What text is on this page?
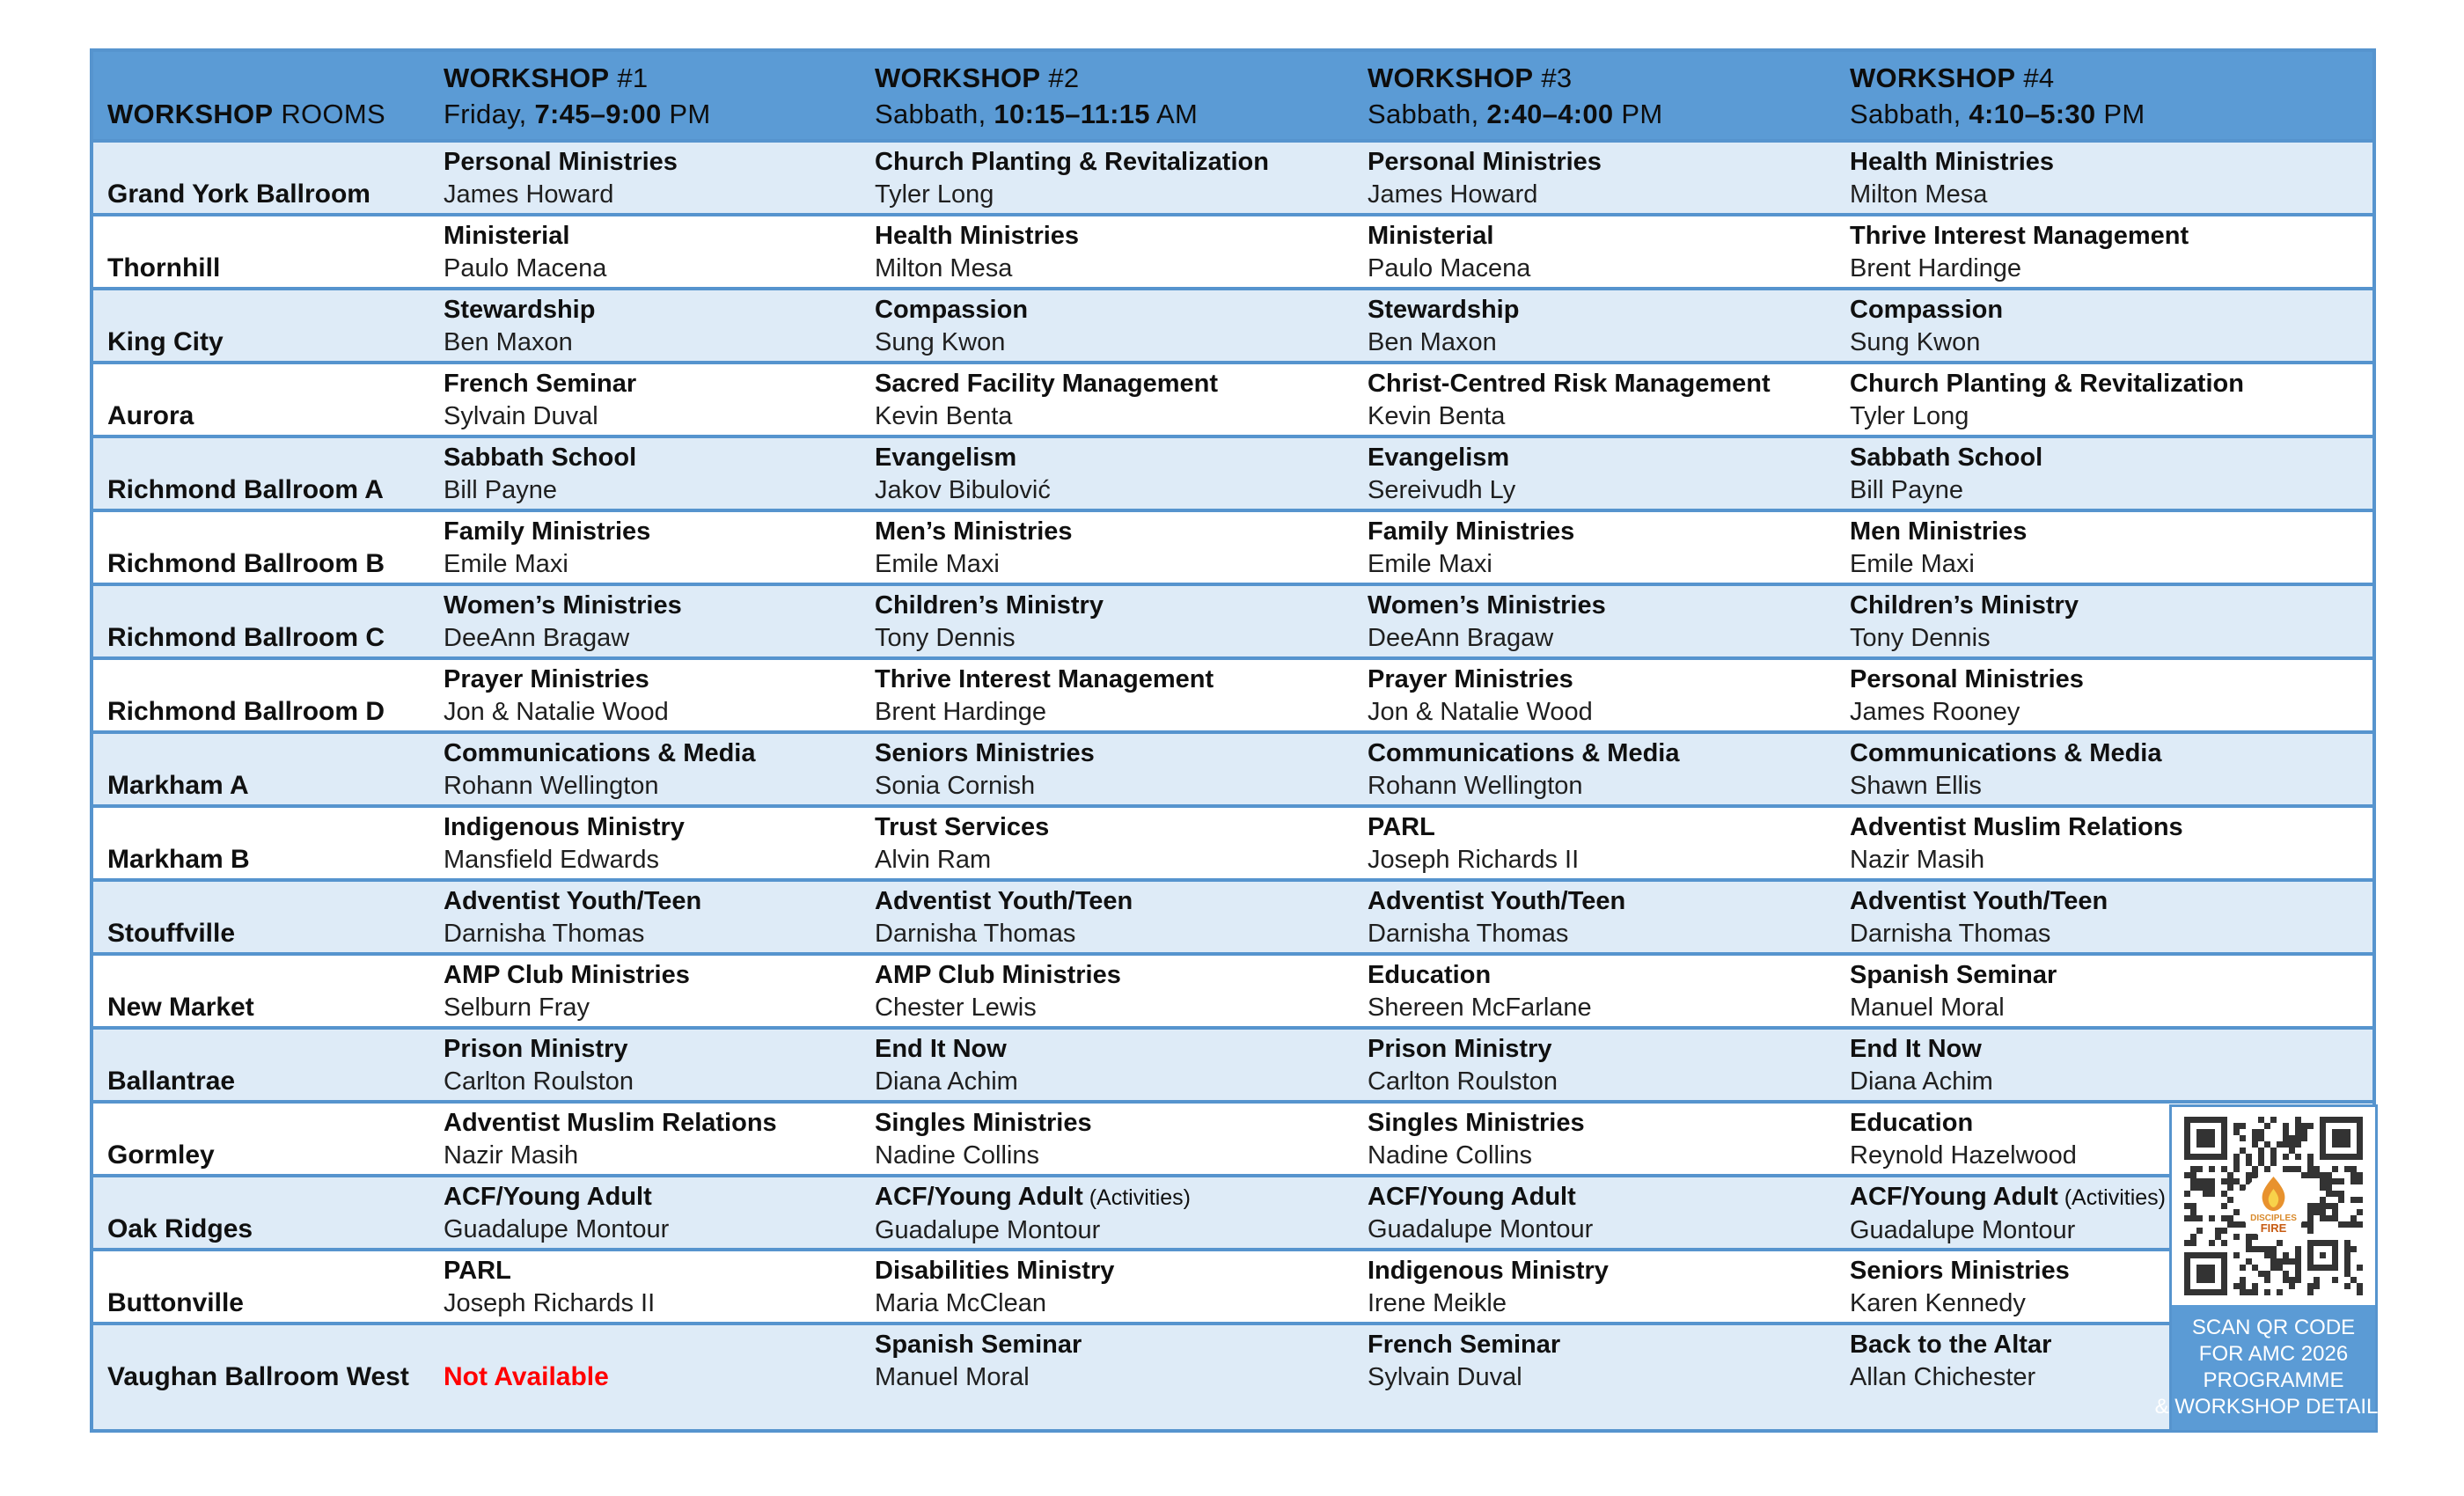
WORKSHOP ROOMS
WORKSHOP #1
Friday, 7:45–9:00 PM
WORKSHOP #2
Sabbath, 10:15–11:15 AM
WORKSHOP #3
Sabbath, 2:40–4:00 PM
WORKSHOP #4
Sabbath, 4:10–5:30 PM
Grand York Ballroom
Personal Ministries
James Howard
Church Planting & Revitalization
Tyler Long
Personal Ministries
James Howard
Health Ministries
Milton Mesa
Thornhill
Ministerial
Paulo Macena
Health Ministries
Milton Mesa
Ministerial
Paulo Macena
Thrive Interest Management
Brent Hardinge
King City
Stewardship
Ben Maxon
Compassion
Sung Kwon
Stewardship
Ben Maxon
Compassion
Sung Kwon
Aurora
French Seminar
Sylvain Duval
Sacred Facility Management
Kevin Benta
Christ-Centred Risk Management
Kevin Benta
Church Planting & Revitalization
Tyler Long
Richmond Ballroom A
Sabbath School
Bill Payne
Evangelism
Jakov Bibulović
Evangelism
Sereivudh Ly
Sabbath School
Bill Payne
Richmond Ballroom B
Family Ministries
Emile Maxi
Men’s Ministries
Emile Maxi
Family Ministries
Emile Maxi
Men Ministries
Emile Maxi
Richmond Ballroom C
Women’s Ministries
DeeAnn Bragaw
Children’s Ministry
Tony Dennis
Women’s Ministries
DeeAnn Bragaw
Children’s Ministry
Tony Dennis
Richmond Ballroom D
Prayer Ministries
Jon & Natalie Wood
Thrive Interest Management
Brent Hardinge
Prayer Ministries
Jon & Natalie Wood
Personal Ministries
James Rooney
Markham A
Communications & Media
Rohann Wellington
Seniors Ministries
Sonia Cornish
Communications & Media
Rohann Wellington
Communications & Media
Shawn Ellis
Markham B
Indigenous Ministry
Mansfield Edwards
Trust Services
Alvin Ram
PARL
Joseph Richards II
Adventist Muslim Relations
Nazir Masih
Stouffville
Adventist Youth/Teen
Darnisha Thomas
Adventist Youth/Teen
Darnisha Thomas
Adventist Youth/Teen
Darnisha Thomas
Adventist Youth/Teen
Darnisha Thomas
New Market
AMP Club Ministries
Selburn Fray
AMP Club Ministries
Chester Lewis
Education
Shereen McFarlane
Spanish Seminar
Manuel Moral
Ballantrae
Prison Ministry
Carlton Roulston
End It Now
Diana Achim
Prison Ministry
Carlton Roulston
End It Now
Diana Achim
Gormley
Adventist Muslim Relations
Nazir Masih
Singles Ministries
Nadine Collins
Singles Ministries
Nadine Collins
Education
Reynold Hazelwood
Oak Ridges
ACF/Young Adult
Guadalupe Montour
ACF/Young Adult (Activities)
Guadalupe Montour
ACF/Young Adult
Guadalupe Montour
ACF/Young Adult (Activities)
Guadalupe Montour
Buttonville
PARL
Joseph Richards II
Disabilities Ministry
Maria McClean
Indigenous Ministry
Irene Meikle
Seniors Ministries
Karen Kennedy
Vaughan Ballroom West	Not Available
Spanish Seminar
Manuel Moral
French Seminar
Sylvain Duval
Back to the Altar
Allan Chichester
DISCIPLES
FIRE
SCAN QR CODE
FOR AMC 2026
PROGRAMME
& WORKSHOP DETAILS
